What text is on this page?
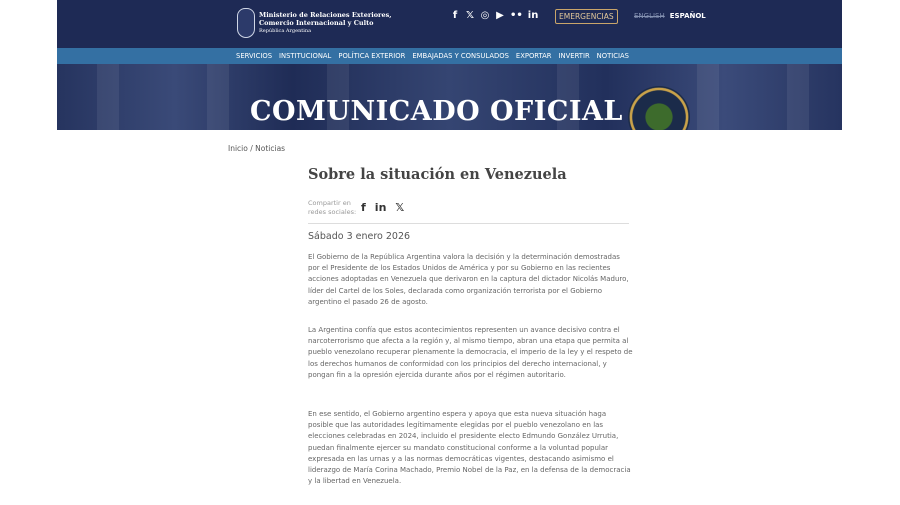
Ministerio de Relaciones Exteriores,
Comercio Internacional y Culto
República Argentina
f 𝕏 ◎ ▶ •• in	EMERGENCIAS	ENGLISH ESPAÑOL
SERVICIOS INSTITUCIONAL POLÍTICA EXTERIOR EMBAJADAS Y CONSULADOS EXPORTAR INVERTIR NOTICIAS
COMUNICADO OFICIAL
Inicio / Noticias
Sobre la situación en Venezuela
Compartir en
redes sociales: f in 𝕏
Sábado 3 enero 2026

El Gobierno de la República Argentina valora la decisión y la determinación demostradas por el Presidente de los Estados Unidos de América y por su Gobierno en las recientes acciones adoptadas en Venezuela que derivaron en la captura del dictador Nicolás Maduro, líder del Cartel de los Soles, declarada como organización terrorista por el Gobierno argentino el pasado 26 de agosto.

La Argentina confía que estos acontecimientos representen un avance decisivo contra el narcoterrorismo que afecta a la región y, al mismo tiempo, abran una etapa que permita al pueblo venezolano recuperar plenamente la democracia, el imperio de la ley y el respeto de los derechos humanos de conformidad con los principios del derecho internacional, y pongan fin a la opresión ejercida durante años por el régimen autoritario.

En ese sentido, el Gobierno argentino espera y apoya que esta nueva situación haga posible que las autoridades legítimamente elegidas por el pueblo venezolano en las elecciones celebradas en 2024, incluido el presidente electo Edmundo González Urrutia, puedan finalmente ejercer su mandato constitucional conforme a la voluntad popular expresada en las urnas y a las normas democráticas vigentes, destacando asimismo el liderazgo de María Corina Machado, Premio Nobel de la Paz, en la defensa de la democracia y la libertad en Venezuela.
